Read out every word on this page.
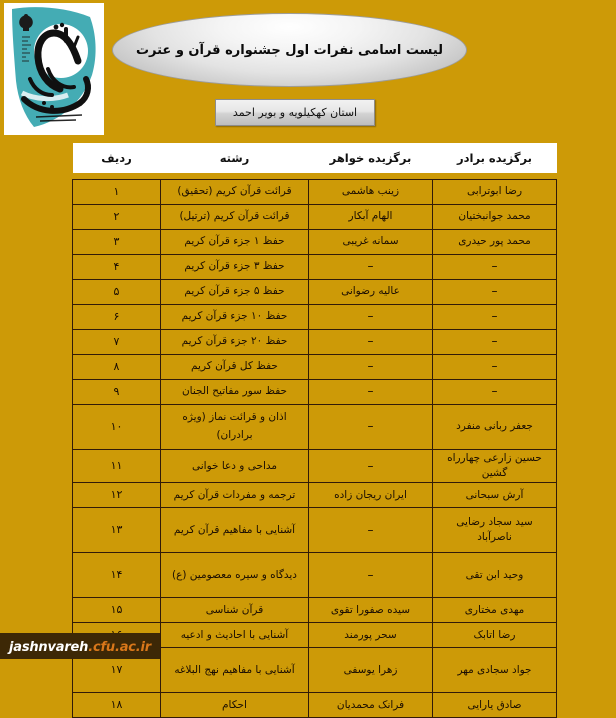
لیست اسامی نفرات اول جشنواره قرآن و عترت
استان کهکیلویه و بویر احمد
برگزیده برادر	برگزیده خواهر	رشته	ردیف

رضا ابوترابی	زینب هاشمی	قرائت قرآن کریم (تحقیق)	۱
محمد جوانبختیان	الهام آبکار	قرائت قرآن کریم (ترتیل)	۲
محمد پور حیدری	سمانه غریبی	حفظ ۱ جزء قرآن کریم	۳
–	–	حفظ ۳ جزء قرآن کریم	۴
–	عالیه رضوانی	حفظ ۵ جزء قرآن کریم	۵
–	–	حفظ ۱۰ جزء قرآن کریم	۶
–	–	حفظ ۲۰ جزء قرآن کریم	۷
–	–	حفظ کل قرآن کریم	۸
–	–	حفظ سور مفاتیح الجنان	۹
جعفر ربانی منفرد	–	اذان و قرائت نماز (ویژه برادران)	۱۰
حسین زارعی چهارراه گشین	–	مداحی و دعا خوانی	۱۱
آرش سبحانی	ایران ریجان زاده	ترجمه و مفردات قرآن کریم	۱۲
سید سجاد رضایی ناصرآباد	–	آشنایی با مفاهیم قرآن کریم	۱۳
وحید ابن تقی	–	دیدگاه و سیره معصومین (ع)	۱۴
مهدی مختاری	سیده صفورا تقوی	قرآن شناسی	۱۵
رضا اتابک	سحر پورمند	آشنایی با احادیث و ادعیه	
جواد سجادی مهر	زهرا یوسفی	آشنایی با مفاهیم نهج البلاغه	۱۷
صادق یارایی	فرانک محمدیان	احکام	۱۸
jashnvareh.cfu.ac.ir
